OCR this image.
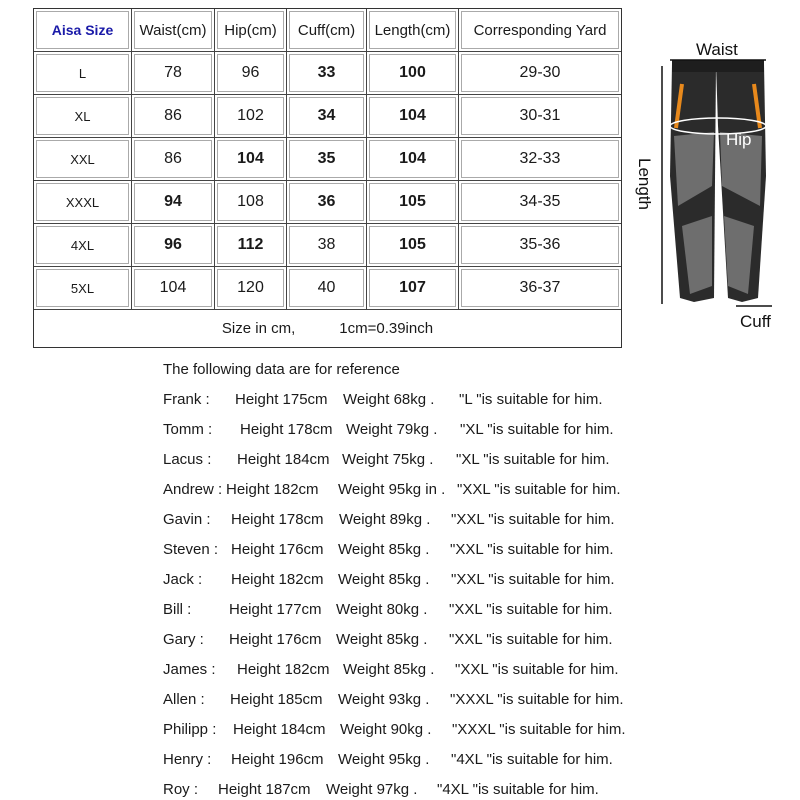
Aisa Size	Waist(cm)	Hip(cm)	Cuff(cm)	Length(cm)	Corresponding Yard
L	78	96	33	100	29-30
XL	86	102	34	104	30-31
XXL	86	104	35	104	32-33
XXXL	94	108	36	105	34-35
4XL	96	112	38	105	35-36
5XL	104	120	40	107	36-37
Size in cm,	1cm=0.39inch
The following data are for reference
Frank : Height 175cm Weight 68kg . "L "is suitable for him.
Tomm : Height 178cm Weight 79kg . "XL "is suitable for him.
Lacus : Height 184cm Weight 75kg . "XL "is suitable for him.
Andrew : Height 182cm Weight 95kg in . "XXL "is suitable for him.
Gavin : Height 178cm Weight 89kg . "XXL "is suitable for him.
Steven : Height 176cm Weight 85kg . "XXL "is suitable for him.
Jack : Height 182cm Weight 85kg . "XXL "is suitable for him.
Bill :	Height 177cm Weight 80kg . "XXL "is suitable for him.
Gary : Height 176cm Weight 85kg . "XXL "is suitable for him.
James : Height 182cm Weight 85kg . "XXL "is suitable for him.
Allen : Height 185cm Weight 93kg . "XXXL "is suitable for him.
Philipp : Height 184cm Weight 90kg . "XXXL "is suitable for him.
Henry : Height 196cm Weight 95kg . "4XL "is suitable for him.
Roy : Height 187cm Weight 97kg . "4XL "is suitable for him.
Waist
Hip
Length
Cuff
